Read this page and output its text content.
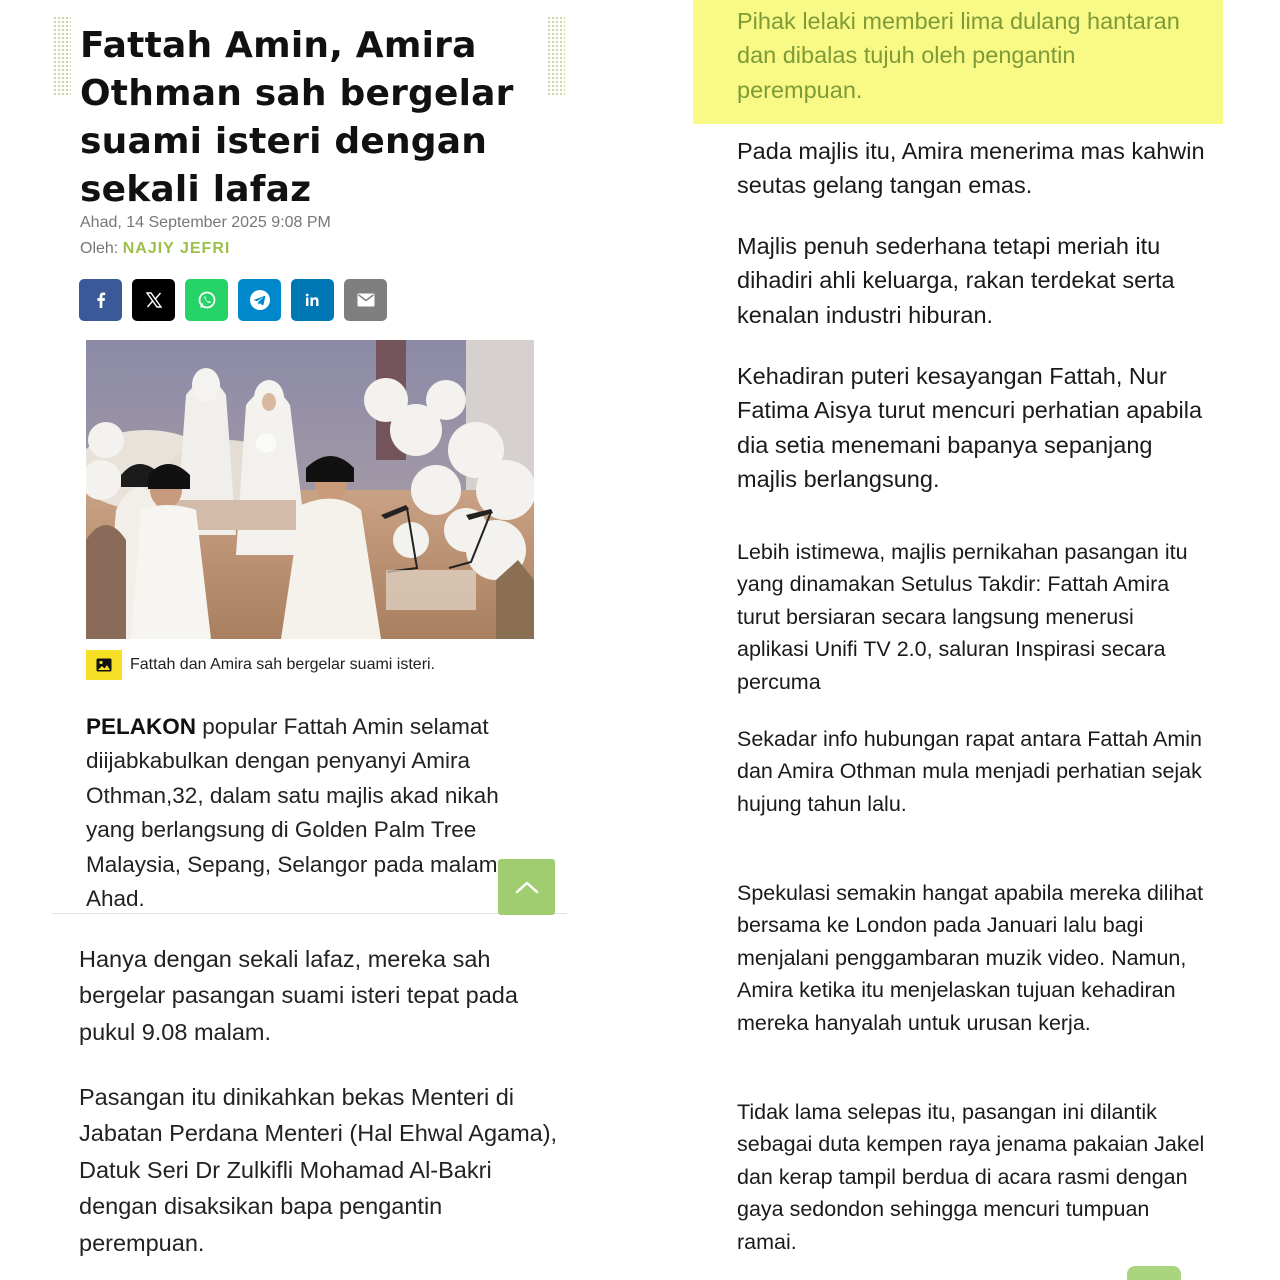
Fattah Amin, Amira Othman sah bergelar suami isteri dengan sekali lafaz
Ahad, 14 September 2025 9:08 PM
Oleh: NAJIY JEFRI
Fattah dan Amira sah bergelar suami isteri.

PELAKON popular Fattah Amin selamat diijabkabulkan dengan penyanyi Amira Othman,32, dalam satu majlis akad nikah yang berlangsung di Golden Palm Tree Malaysia, Sepang, Selangor pada malam Ahad.

Hanya dengan sekali lafaz, mereka sah bergelar pasangan suami isteri tepat pada pukul 9.08 malam.

Pasangan itu dinikahkan bekas Menteri di Jabatan Perdana Menteri (Hal Ehwal Agama), Datuk Seri Dr Zulkifli Mohamad Al-Bakri dengan disaksikan bapa pengantin perempuan.

Pihak lelaki memberi lima dulang hantaran dan dibalas tujuh oleh pengantin perempuan.

Pada majlis itu, Amira menerima mas kahwin seutas gelang tangan emas.

Majlis penuh sederhana tetapi meriah itu dihadiri ahli keluarga, rakan terdekat serta kenalan industri hiburan.

Kehadiran puteri kesayangan Fattah, Nur Fatima Aisya turut mencuri perhatian apabila dia setia menemani bapanya sepanjang majlis berlangsung.

Lebih istimewa, majlis pernikahan pasangan itu yang dinamakan Setulus Takdir: Fattah Amira turut bersiaran secara langsung menerusi aplikasi Unifi TV 2.0, saluran Inspirasi secara percuma

Sekadar info hubungan rapat antara Fattah Amin dan Amira Othman mula menjadi perhatian sejak hujung tahun lalu.

Spekulasi semakin hangat apabila mereka dilihat bersama ke London pada Januari lalu bagi menjalani penggambaran muzik video. Namun, Amira ketika itu menjelaskan tujuan kehadiran mereka hanyalah untuk urusan kerja.

Tidak lama selepas itu, pasangan ini dilantik sebagai duta kempen raya jenama pakaian Jakel dan kerap tampil berdua di acara rasmi dengan gaya sedondon sehingga mencuri tumpuan ramai.
